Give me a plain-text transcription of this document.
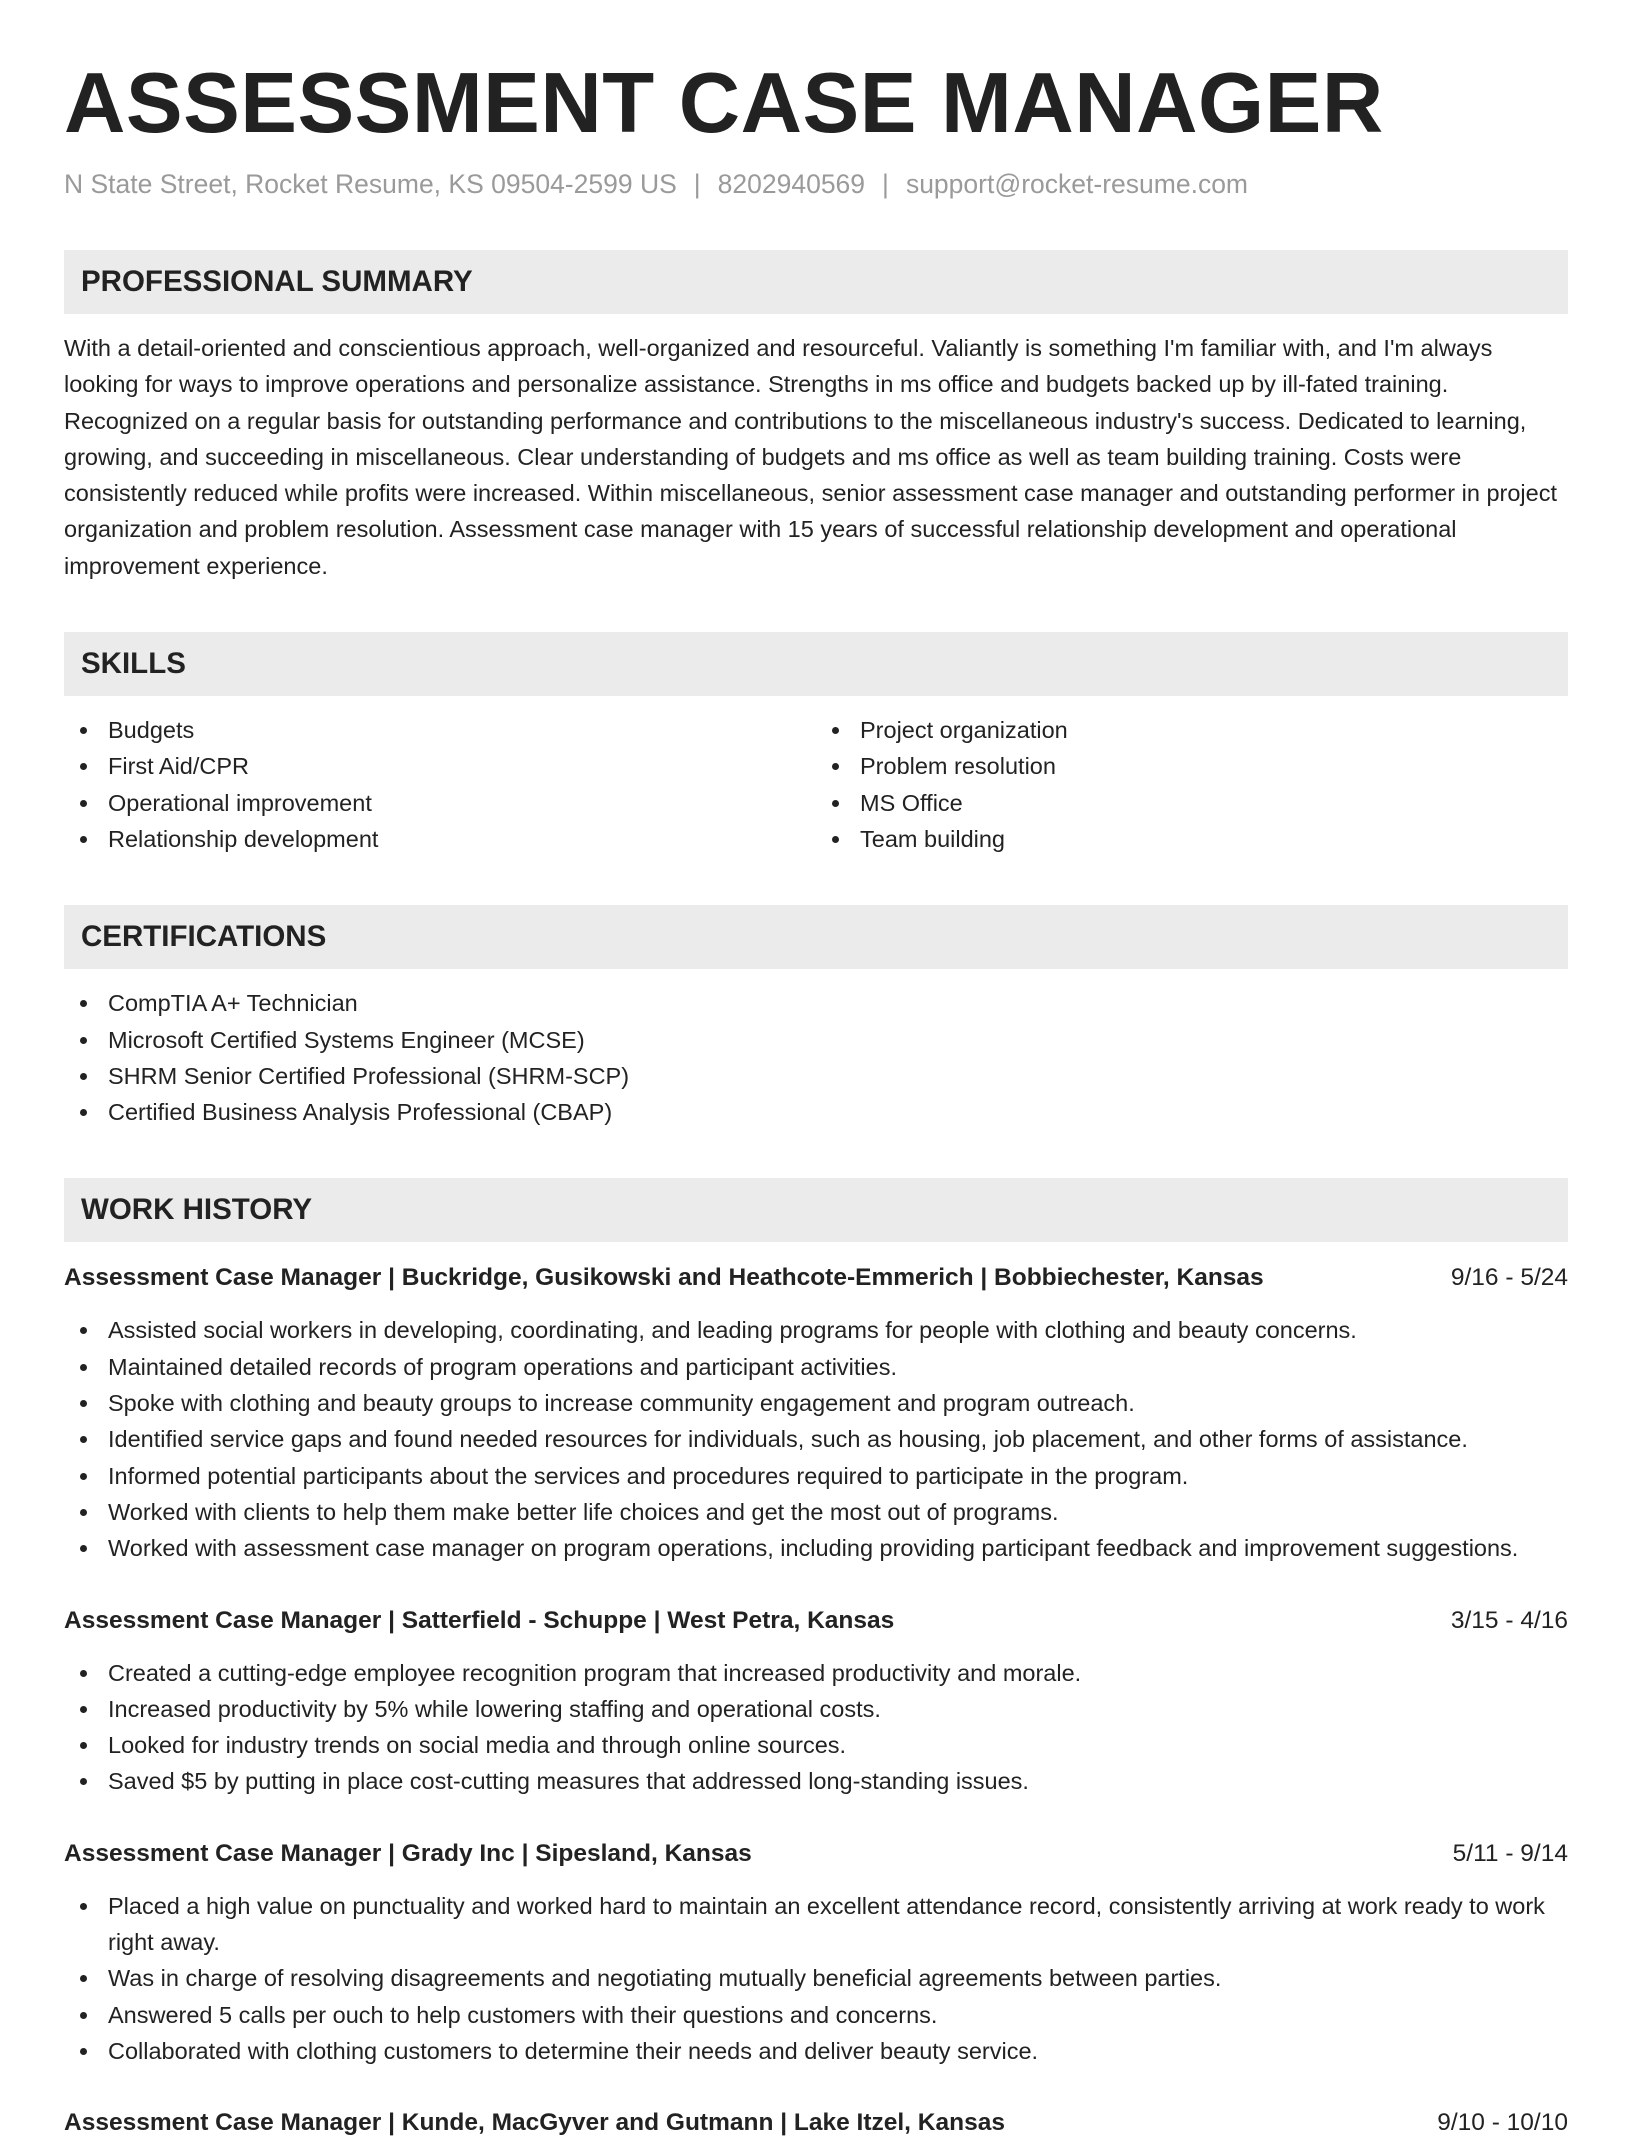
ASSESSMENT CASE MANAGER
N State Street, Rocket Resume, KS 09504-2599 US | 8202940569 | support@rocket-resume.com
PROFESSIONAL SUMMARY
With a detail-oriented and conscientious approach, well-organized and resourceful. Valiantly is something I'm familiar with, and I'm always looking for ways to improve operations and personalize assistance. Strengths in ms office and budgets backed up by ill-fated training. Recognized on a regular basis for outstanding performance and contributions to the miscellaneous industry's success. Dedicated to learning, growing, and succeeding in miscellaneous. Clear understanding of budgets and ms office as well as team building training. Costs were consistently reduced while profits were increased. Within miscellaneous, senior assessment case manager and outstanding performer in project organization and problem resolution. Assessment case manager with 15 years of successful relationship development and operational improvement experience.
SKILLS
Budgets
First Aid/CPR
Operational improvement
Relationship development
Project organization
Problem resolution
MS Office
Team building
CERTIFICATIONS
CompTIA A+ Technician
Microsoft Certified Systems Engineer (MCSE)
SHRM Senior Certified Professional (SHRM-SCP)
Certified Business Analysis Professional (CBAP)
WORK HISTORY
Assessment Case Manager | Buckridge, Gusikowski and Heathcote-Emmerich | Bobbiechester, Kansas	9/16 - 5/24
Assisted social workers in developing, coordinating, and leading programs for people with clothing and beauty concerns.
Maintained detailed records of program operations and participant activities.
Spoke with clothing and beauty groups to increase community engagement and program outreach.
Identified service gaps and found needed resources for individuals, such as housing, job placement, and other forms of assistance.
Informed potential participants about the services and procedures required to participate in the program.
Worked with clients to help them make better life choices and get the most out of programs.
Worked with assessment case manager on program operations, including providing participant feedback and improvement suggestions.
Assessment Case Manager | Satterfield - Schuppe | West Petra, Kansas	3/15 - 4/16
Created a cutting-edge employee recognition program that increased productivity and morale.
Increased productivity by 5% while lowering staffing and operational costs.
Looked for industry trends on social media and through online sources.
Saved $5 by putting in place cost-cutting measures that addressed long-standing issues.
Assessment Case Manager | Grady Inc | Sipesland, Kansas	5/11 - 9/14
Placed a high value on punctuality and worked hard to maintain an excellent attendance record, consistently arriving at work ready to work right away.
Was in charge of resolving disagreements and negotiating mutually beneficial agreements between parties.
Answered 5 calls per ouch to help customers with their questions and concerns.
Collaborated with clothing customers to determine their needs and deliver beauty service.
Assessment Case Manager | Kunde, MacGyver and Gutmann | Lake Itzel, Kansas	9/10 - 10/10
